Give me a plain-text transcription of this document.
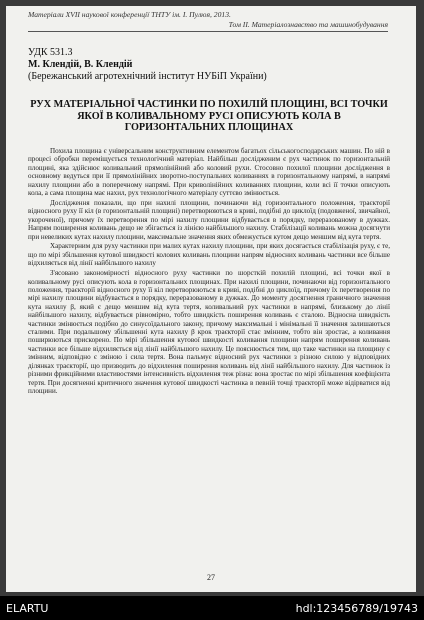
Матеріали XVII наукової конференції ТНТУ ім. І. Пулюя, 2013.
Том II. Матеріалознавство та машинобудування
УДК 531.3
М. Клендій, В. Клендій
(Бережанський агротехнічний інститут НУБіП України)
РУХ МАТЕРІАЛЬНОЇ ЧАСТИНКИ ПО ПОХИЛІЙ ПЛОЩИНІ, ВСІ ТОЧКИ ЯКОЇ В КОЛИВАЛЬНОМУ РУСІ ОПИСУЮТЬ КОЛА В ГОРИЗОНТАЛЬНИХ ПЛОЩИНАХ

Похила площина є універсальним конструктивним елементом багатьох сільськогосподарських машин. По ній в процесі обробки переміщується технологічний матеріал. Найбільш дослідженим є рух частинок по горизонтальній площині, яка здійснює коливальний прямолінійний або коловий рухи. Стосовно похилої площини дослідження в основному ведуться при її прямолінійних зворотно-поступальних коливаннях в горизонтальному напрямі, в напрямі нахилу площини або в поперечному напрямі. При криволінійних коливаннях площини, коли всі її точки описують кола, а сама площина має нахил, рух технологічного матеріалу суттєво змінюється.

Дослідження показали, що при нахилі площини, починаючи від горизонтального положення, траєкторії відносного руху її кіл (в горизонтальній площині) перетворюються в криві, подібні до циклоїд (подовженої, звичайної, укороченої), причому їх перетворення по мірі нахилу площини відбувається в порядку, переразованому в дужках. Напрям поширення коливань дещо не збігається із лінією найбільшого нахилу. Стабілізації коливань можна досягнути при невеликих кутах нахилу площини, максимальне значення яких обмежується кутом дещо меншим від кута тертя.

Характерним для руху частинки при малих кутах нахилу площини, при яких досягається стабілізація руху, є те, що по мірі збільшення кутової швидкості колових коливань площини напрям відносних коливань частинки все більше відхиляється від лінії найбільшого нахилу

З'ясовано закономірності відносного руху частинки по шорсткій похилій площині, всі точки якої в коливальному русі описують кола в горизонтальних площинах. При нахилі площини, починаючи від горизонтального положення, траєкторії відносного руху її кіл перетворюються в криві, подібні до циклоїд, причому їх перетворення по мірі нахилу площини відбувається в порядку, переразованому в дужках. До моменту досягнення граничного значення кута нахилу β, який є дещо меншим від кута тертя, коливальний рух частинки в напрямі, близькому до лінії найбільшого нахилу, відбувається рівномірно, тобто швидкість поширення коливань є сталою. Відносна швидкість частинки змінюється подібно до синусоїдального закону, причому максимальні і мінімальні її значення залишаються сталими. При подальшому збільшенні кута нахилу β крок траєкторії стає змінним, тобто він зростає, а коливання поширюються прискорено. По мірі збільшення кутової швидкості коливання площини напрям поширення коливань частинки все більше відхиляється від лінії найбільшого нахилу. Це пояснюється тим, що таке частинки на площину є змінним, відповідно є зміною і сила тертя. Вона пальмує відносний рух частинки з різною силою у відповідних ділянках траєкторії, що призводить до відхилення поширення коливань від лінії найбільшого нахилу. Для частинок із різними фрикційними властивостями інтенсивність відхилення теж різна: вона зростає по мірі збільшення коефіцієнта тертя. При досягненні критичного значення кутової швидкості частинка в певній точці траєкторії може відірватися від площини.

27
ELARTU	hdl:123456789/19743
